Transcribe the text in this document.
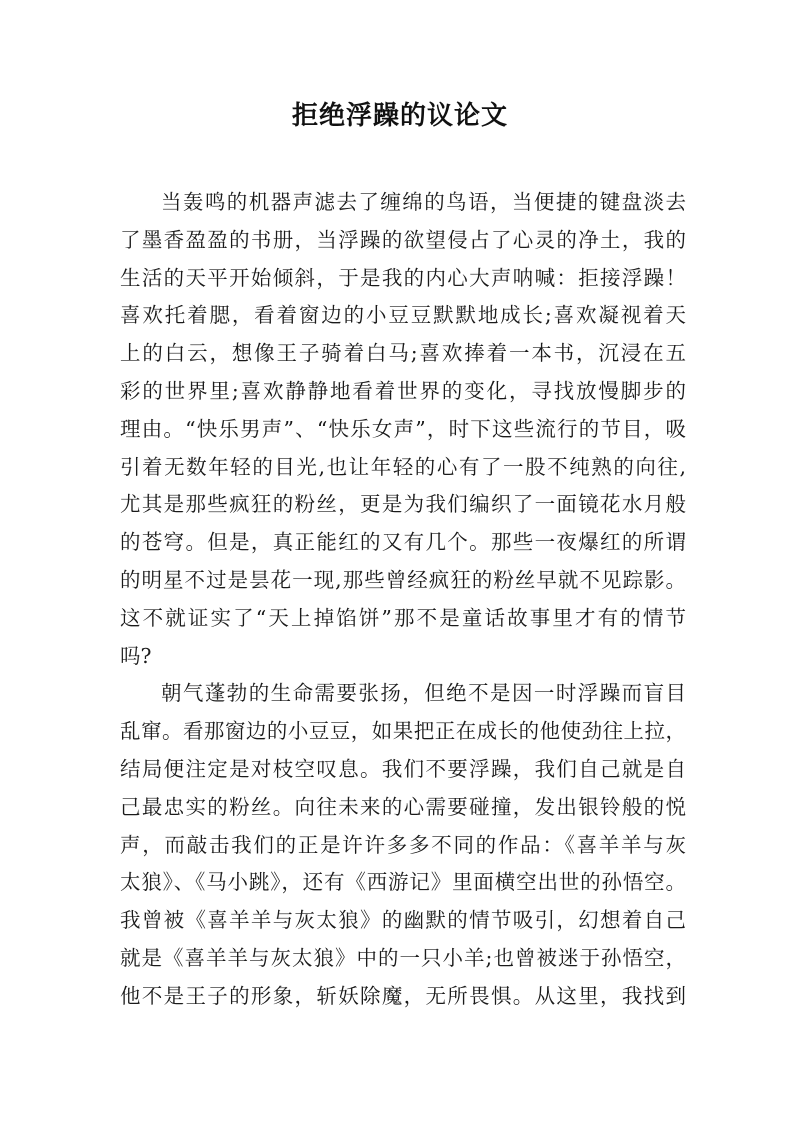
拒绝浮躁的议论文
当轰鸣的机器声滤去了缠绵的鸟语，当便捷的键盘淡去
了墨香盈盈的书册，当浮躁的欲望侵占了心灵的净土，我的
生活的天平开始倾斜，于是我的内心大声呐喊：拒接浮躁！
喜欢托着腮，看着窗边的小豆豆默默地成长;喜欢凝视着天
上的白云，想像王子骑着白马;喜欢捧着一本书，沉浸在五
彩的世界里;喜欢静静地看着世界的变化，寻找放慢脚步的
理由。“快乐男声”、“快乐女声”，时下这些流行的节目，吸
引着无数年轻的目光,也让年轻的心有了一股不纯熟的向往,
尤其是那些疯狂的粉丝，更是为我们编织了一面镜花水月般
的苍穹。但是，真正能红的又有几个。那些一夜爆红的所谓
的明星不过是昙花一现,那些曾经疯狂的粉丝早就不见踪影。
这不就证实了“天上掉馅饼”那不是童话故事里才有的情节
吗?
朝气蓬勃的生命需要张扬，但绝不是因一时浮躁而盲目
乱窜。看那窗边的小豆豆，如果把正在成长的他使劲往上拉，
结局便注定是对枝空叹息。我们不要浮躁，我们自己就是自
己最忠实的粉丝。向往未来的心需要碰撞，发出银铃般的悦
声，而敲击我们的正是许许多多不同的作品：《喜羊羊与灰
太狼》、《马小跳》，还有《西游记》里面横空出世的孙悟空。
我曾被《喜羊羊与灰太狼》的幽默的情节吸引，幻想着自己
就是《喜羊羊与灰太狼》中的一只小羊;也曾被迷于孙悟空，
他不是王子的形象，斩妖除魔，无所畏惧。从这里，我找到
